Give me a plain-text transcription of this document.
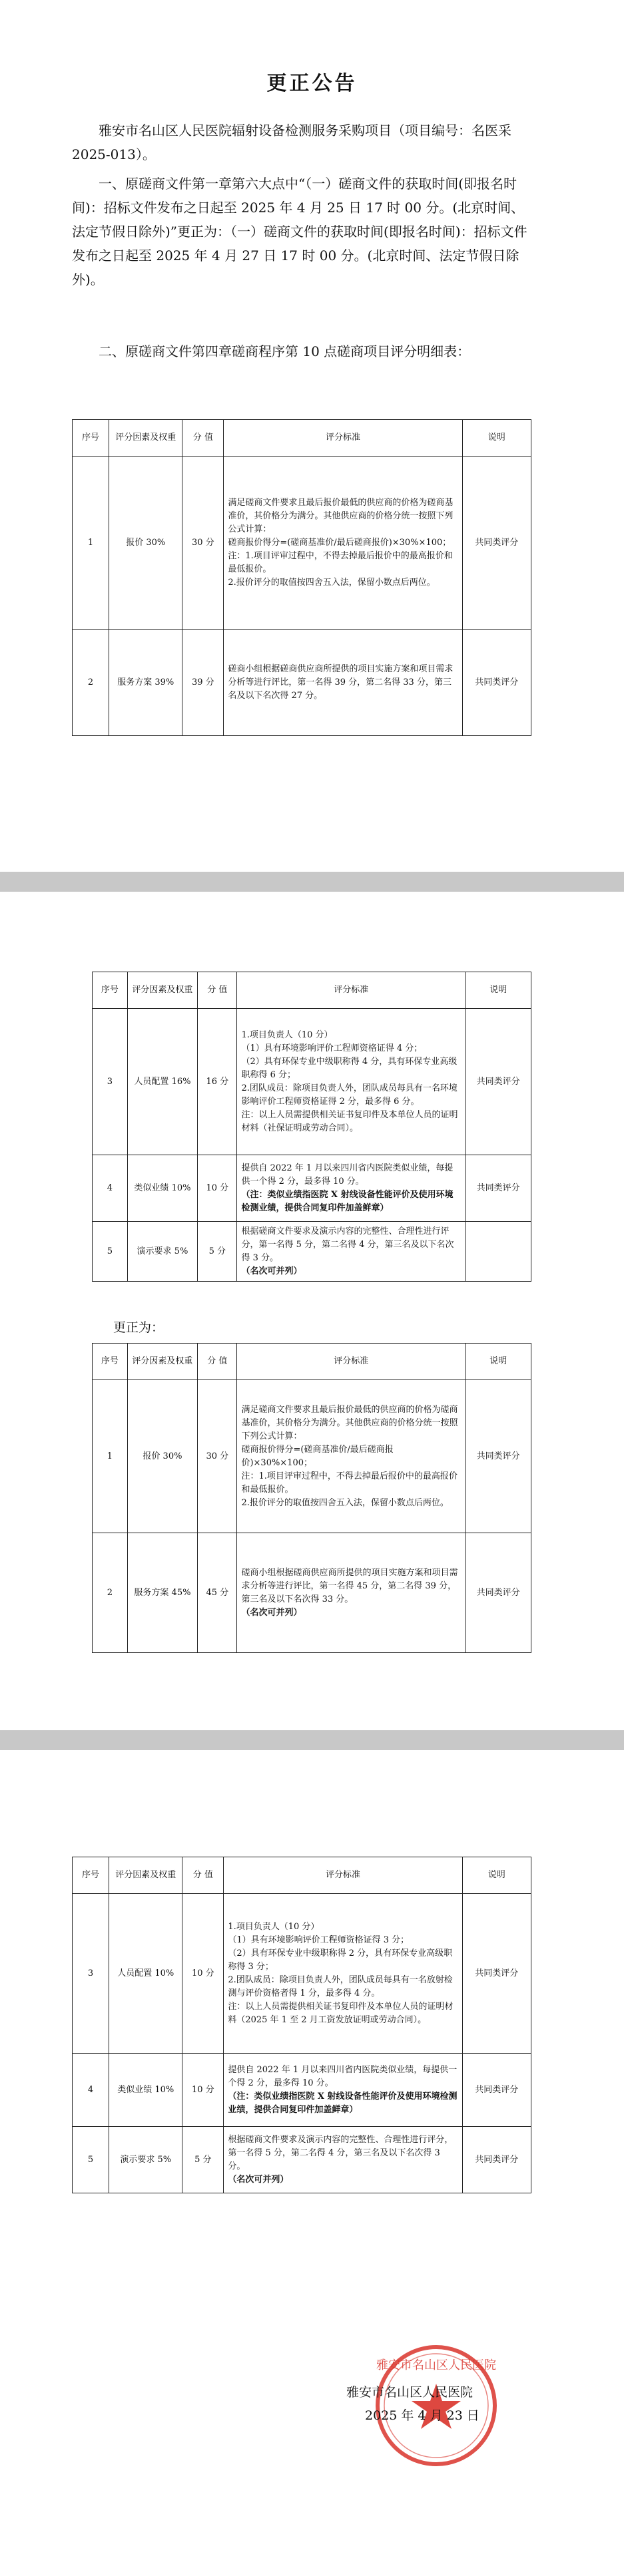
更正公告

雅安市名山区人民医院辐射设备检测服务采购项目（项目编号：名医采 2025-013）。

一、原磋商文件第一章第六大点中“（一）磋商文件的获取时间(即报名时间)：招标文件发布之日起至 2025 年 4 月 25 日 17 时 00 分。(北京时间、法定节假日除外)”更正为：（一）磋商文件的获取时间(即报名时间)：招标文件发布之日起至 2025 年 4 月 27 日 17 时 00 分。(北京时间、法定节假日除外)。

二、原磋商文件第四章磋商程序第 10 点磋商项目评分明细表：

序号	评分因素及权重	分 值	评分标准	说明
1	报价 30%	30 分	满足磋商文件要求且最后报价最低的供应商的价格为磋商基准价，其价格分为满分。其他供应商的价格分统一按照下列公式计算：
磋商报价得分=(磋商基准价/最后磋商报价)×30%×100；
注：1.项目评审过程中，不得去掉最后报价中的最高报价和最低报价。
2.报价评分的取值按四舍五入法，保留小数点后两位。	共同类评分
2	服务方案 39%	39 分	磋商小组根据磋商供应商所提供的项目实施方案和项目需求分析等进行评比，第一名得 39 分，第二名得 33 分，第三名及以下名次得 27 分。	共同类评分
序号	评分因素及权重	分 值	评分标准	说明
3	人员配置 16%	16 分	1.项目负责人（10 分）
（1）具有环境影响评价工程师资格证得 4 分；
（2）具有环保专业中级职称得 4 分，具有环保专业高级职称得 6 分；
2.团队成员：除项目负责人外，团队成员每具有一名环境影响评价工程师资格证得 2 分，最多得 6 分。
注：以上人员需提供相关证书复印件及本单位人员的证明材料（社保证明或劳动合同）。	共同类评分
4	类似业绩 10%	10 分	提供自 2022 年 1 月以来四川省内医院类似业绩，每提供一个得 2 分，最多得 10 分。
（注：类似业绩指医院 X 射线设备性能评价及使用环境检测业绩，提供合同复印件加盖鲜章）	共同类评分
5	演示要求 5%	5 分	根据磋商文件要求及演示内容的完整性、合理性进行评分，第一名得 5 分，第二名得 4 分，第三名及以下名次得 3 分。
（名次可并列）	

更正为：
序号	评分因素及权重	分 值	评分标准	说明
1	报价 30%	30 分	满足磋商文件要求且最后报价最低的供应商的价格为磋商基准价，其价格分为满分。其他供应商的价格分统一按照下列公式计算：
磋商报价得分=(磋商基准价/最后磋商报价)×30%×100；
注：1.项目评审过程中，不得去掉最后报价中的最高报价和最低报价。
2.报价评分的取值按四舍五入法，保留小数点后两位。	共同类评分
2	服务方案 45%	45 分	磋商小组根据磋商供应商所提供的项目实施方案和项目需求分析等进行评比，第一名得 45 分，第二名得 39 分，第三名及以下名次得 33 分。
（名次可并列）	共同类评分
序号	评分因素及权重	分 值	评分标准	说明
3	人员配置 10%	10 分	1.项目负责人（10 分）
（1）具有环境影响评价工程师资格证得 3 分；
（2）具有环保专业中级职称得 2 分，具有环保专业高级职称得 3 分；
2.团队成员：除项目负责人外，团队成员每具有一名放射检测与评价资格者得 1 分，最多得 4 分。
注：以上人员需提供相关证书复印件及本单位人员的证明材料（2025 年 1 至 2 月工资发放证明或劳动合同）。	共同类评分
4	类似业绩 10%	10 分	提供自 2022 年 1 月以来四川省内医院类似业绩，每提供一个得 2 分，最多得 10 分。
（注：类似业绩指医院 X 射线设备性能评价及使用环境检测业绩，提供合同复印件加盖鲜章）	共同类评分
5	演示要求 5%	5 分	根据磋商文件要求及演示内容的完整性、合理性进行评分，第一名得 5 分，第二名得 4 分，第三名及以下名次得 3 分。
（名次可并列）	共同类评分
雅安市名山区人民医院
雅安市名山区人民医院
2025 年 4 月 23 日
